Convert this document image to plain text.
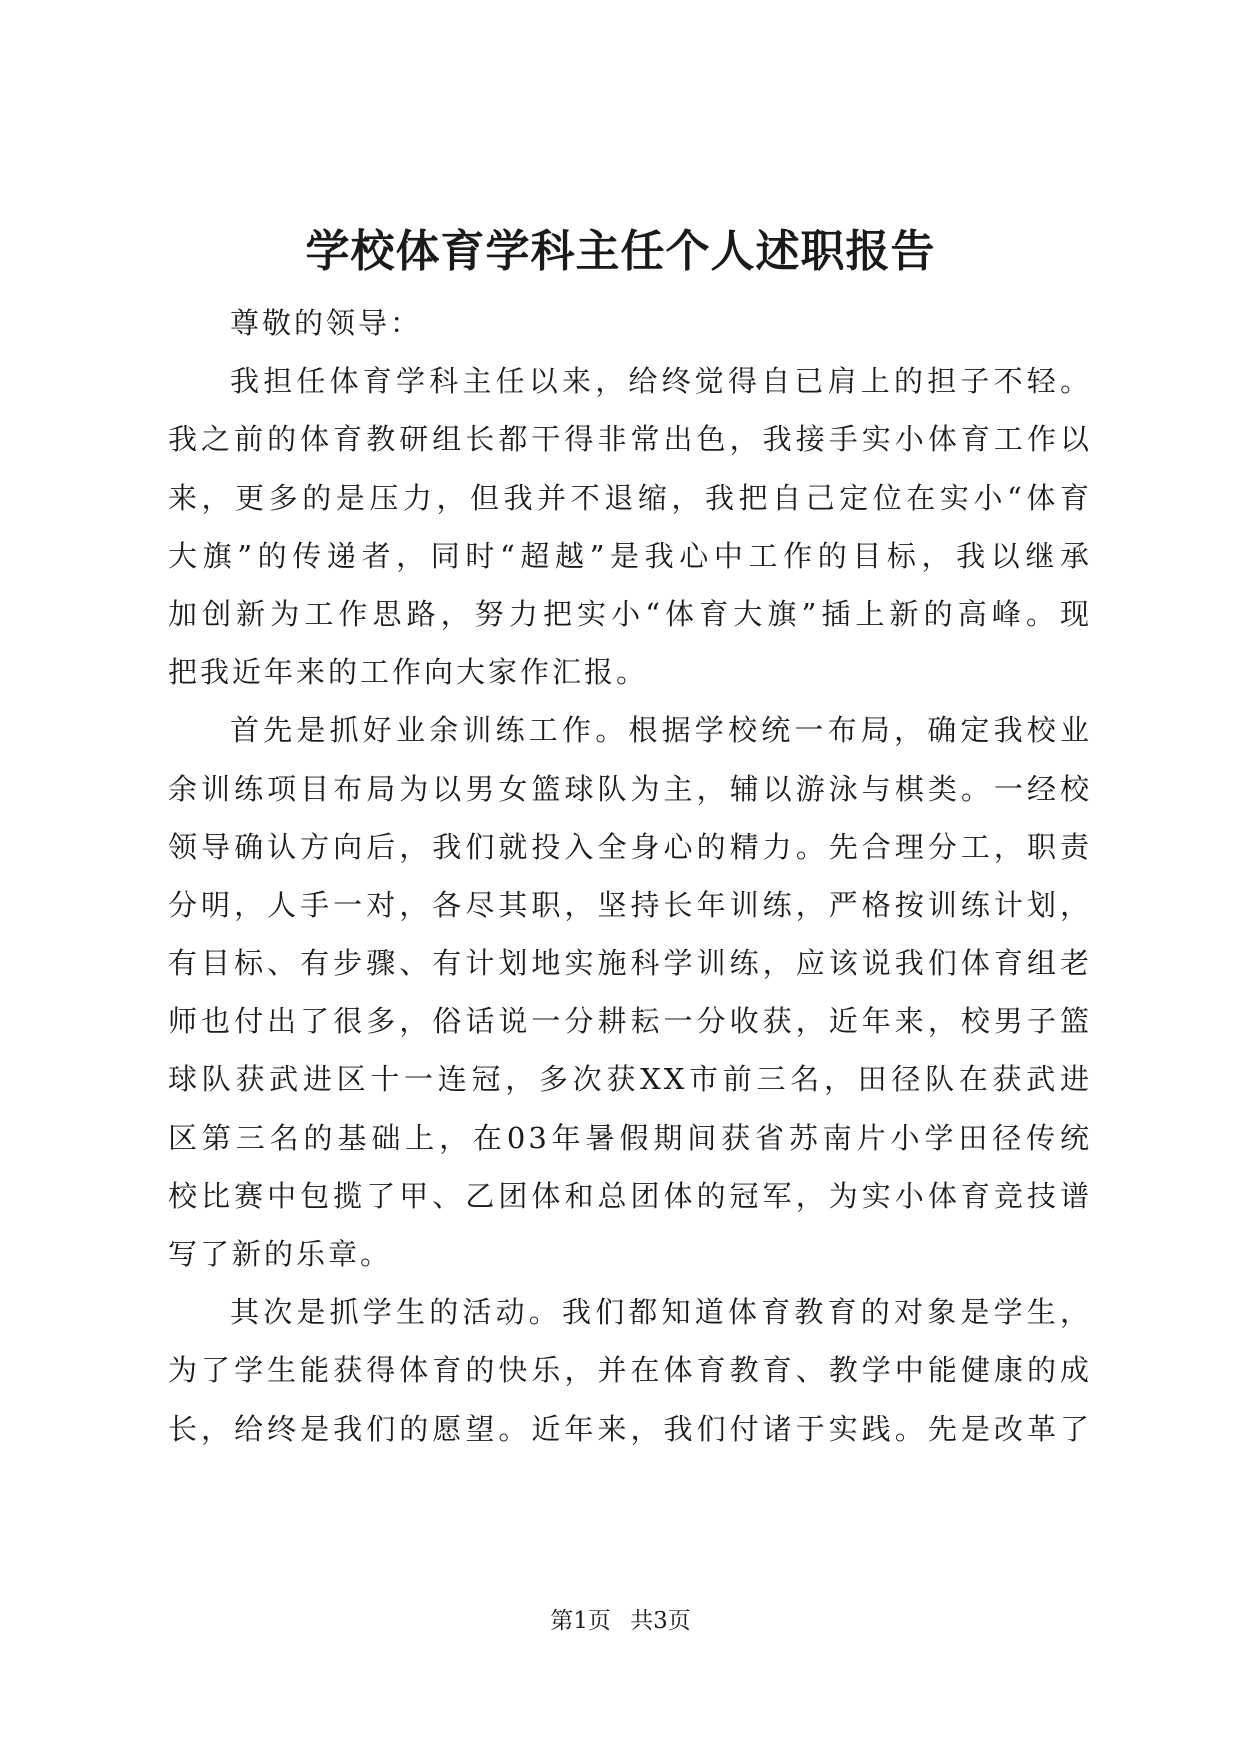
学校体育学科主任个人述职报告
尊敬的领导：
我担任体育学科主任以来，给终觉得自已肩上的担子不轻。
我之前的体育教研组长都干得非常出色，我接手实小体育工作以
来，更多的是压力，但我并不退缩，我把自己定位在实小“体育
大旗”的传递者，同时“超越”是我心中工作的目标，我以继承
加创新为工作思路，努力把实小“体育大旗”插上新的高峰。现
把我近年来的工作向大家作汇报。
首先是抓好业余训练工作。根据学校统一布局，确定我校业
余训练项目布局为以男女篮球队为主，辅以游泳与棋类。一经校
领导确认方向后，我们就投入全身心的精力。先合理分工，职责
分明，人手一对，各尽其职，坚持长年训练，严格按训练计划，
有目标、有步骤、有计划地实施科学训练，应该说我们体育组老
师也付出了很多，俗话说一分耕耘一分收获，近年来，校男子篮
球队获武进区十一连冠，多次获XX市前三名，田径队在获武进
区第三名的基础上，在03年暑假期间获省苏南片小学田径传统
校比赛中包揽了甲、乙团体和总团体的冠军，为实小体育竞技谱
写了新的乐章。
其次是抓学生的活动。我们都知道体育教育的对象是学生，
为了学生能获得体育的快乐，并在体育教育、教学中能健康的成
长，给终是我们的愿望。近年来，我们付诸于实践。先是改革了
第1页 共3页
